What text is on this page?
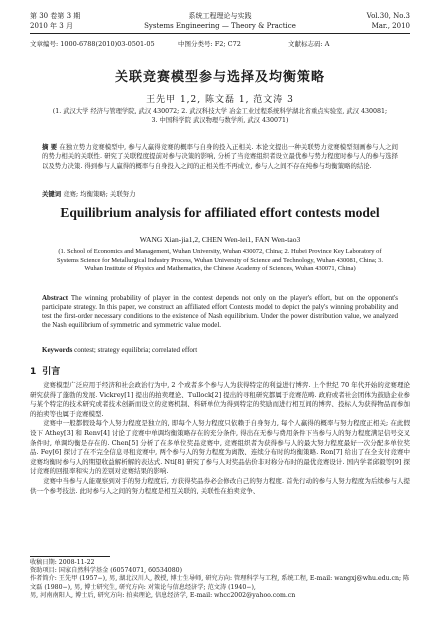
第 30 卷第 3 期	系统工程理论与实践	Vol.30, No.3
2010 年 3 月	Systems Engineering — Theory & Practice	Mar., 2010
文章编号: 1000-6788(2010)03-0501-05	中图分类号: F2; C72	文献标志码: A
关联竞赛模型参与选择及均衡策略
王先甲 1,2, 陈文磊 1, 范文涛 3
(1. 武汉大学 经济与管理学院, 武汉 430072; 2. 武汉科技大学 冶金工业过程系统科学湖北省重点实验室, 武汉 430081; 3. 中国科学院 武汉物理与数学所, 武汉 430071)
摘 要 在独立势力竞赛模型中, 参与人赢得竞赛的概率与自身的投入正相关. 本论文提出一种关联势力竞赛模型刻画参与人之间的势力相关的关联性. 研究了关联程度提前对参与决策的影响, 分析了当竞赛组织者设立最优参与势力程度时参与人的参与选择以及势力决策. 得到参与人赢得的概率与自身投入之间的正相关性不再成立, 参与人之间不存在纯参与均衡策略的结论.
关键词 竞赛; 均衡策略; 关联努力
Equilibrium analysis for affiliated effort contests model
WANG Xian-jia1,2, CHEN Wen-lei1, FAN Wen-tao3
(1. School of Economics and Management, Wuhan University, Wuhan 430072, China; 2. Hubei Province Key Laboratory of Systems Science for Metallurgical Industry Process, Wuhan University of Science and Technology, Wuhan 430081, China; 3. Wuhan Institute of Physics and Mathematics, the Chinese Academy of Sciences, Wuhan 430071, China)
Abstract The winning probability of player in the contest depends not only on the player's effort, but on the opponent's participate strategy. In this paper, we construct an affiliated effort Contests model to depict the paly's winning probability and test the first-order necessary conditions to the existence of Nash equilibrium. Under the power distribution value, we analyzed the Nash equilibrium of symmetric and symmetric value model.
Keywords contest; strategy equilibria; correlated effort
1 引言

竞赛模型广泛应用于经济和社会政治行为中, 2 个或者多个参与人为获得特定的利益进行博弈. 上个世纪 70 年代开始的竞赛理论研究获得了蓬勃的发展. Vickrey[1] 提出的拍卖理论、Tullock[2] 提出的寻租研究都属于竞赛范畴. 政府或者社会团体为鼓励企业参与某个特定的技术研究或者技术创新而设立的竞赛机制、科研单位为得到特定的奖励而进行相互间的博弈、投标人为获得物品而参加的拍卖等也属于竞赛模型.

竞赛中一般都假设每个人努力程度是独立的, 即每个人努力程度只依赖于自身努力, 每个人赢得的概率与努力程度正相关; 在此假设下 Athey[3] 和 Renv[4] 讨论了竞赛中单调均衡策略存在的充分条件, 得出在无参与费用条件下当参与人的努力程度满足信号交叉条件时, 单调均衡是存在的. Chen[5] 分析了在多单位奖品竞赛中, 竞赛组织者为获得参与人的最大努力程度最好一次分配多单位奖品. Fey[6] 探讨了在不完全信息寻租竞赛中, 两个参与人的努力程度为离散、连续分布时的均衡策略. Ron[7] 给出了在全支付竞赛中竞赛均衡时参与人的期望收益解析解的表达式. Nti[8] 研究了参与人对奖品估价非对称分布时的最优竞赛设计. 国内学者邱毅等[9] 探讨竞赛的回报率和实力的差别对竞赛结果的影响.

竞赛中当参与人能观察到对手的努力程度后, 方获得奖品券必会修改自己的努力程度. 首先行动的参与人努力程度为后续参与人提供一个参考技法. 此时参与人之间的努力程度是相互关联的, 关联性在拍卖竞争、

收稿日期: 2008-11-22
资助项目: 国家自然科学基金 (60574071, 60534080)
作者简介: 王先甲 (1957−), 男, 湖北汉川人, 教授, 博士生导师, 研究方向: 管理科学与工程, 系统工程, E-mail: wangxj@whu.edu.cn; 陈文磊 (1980−), 男, 博士研究生, 研究方向: 对策论与信息经济学; 范文涛 (1940−),
男, 河南南阳人, 博士后, 研究方向: 拍卖理论, 信息经济学, E-mail: whcc2002@yahoo.com.cn
